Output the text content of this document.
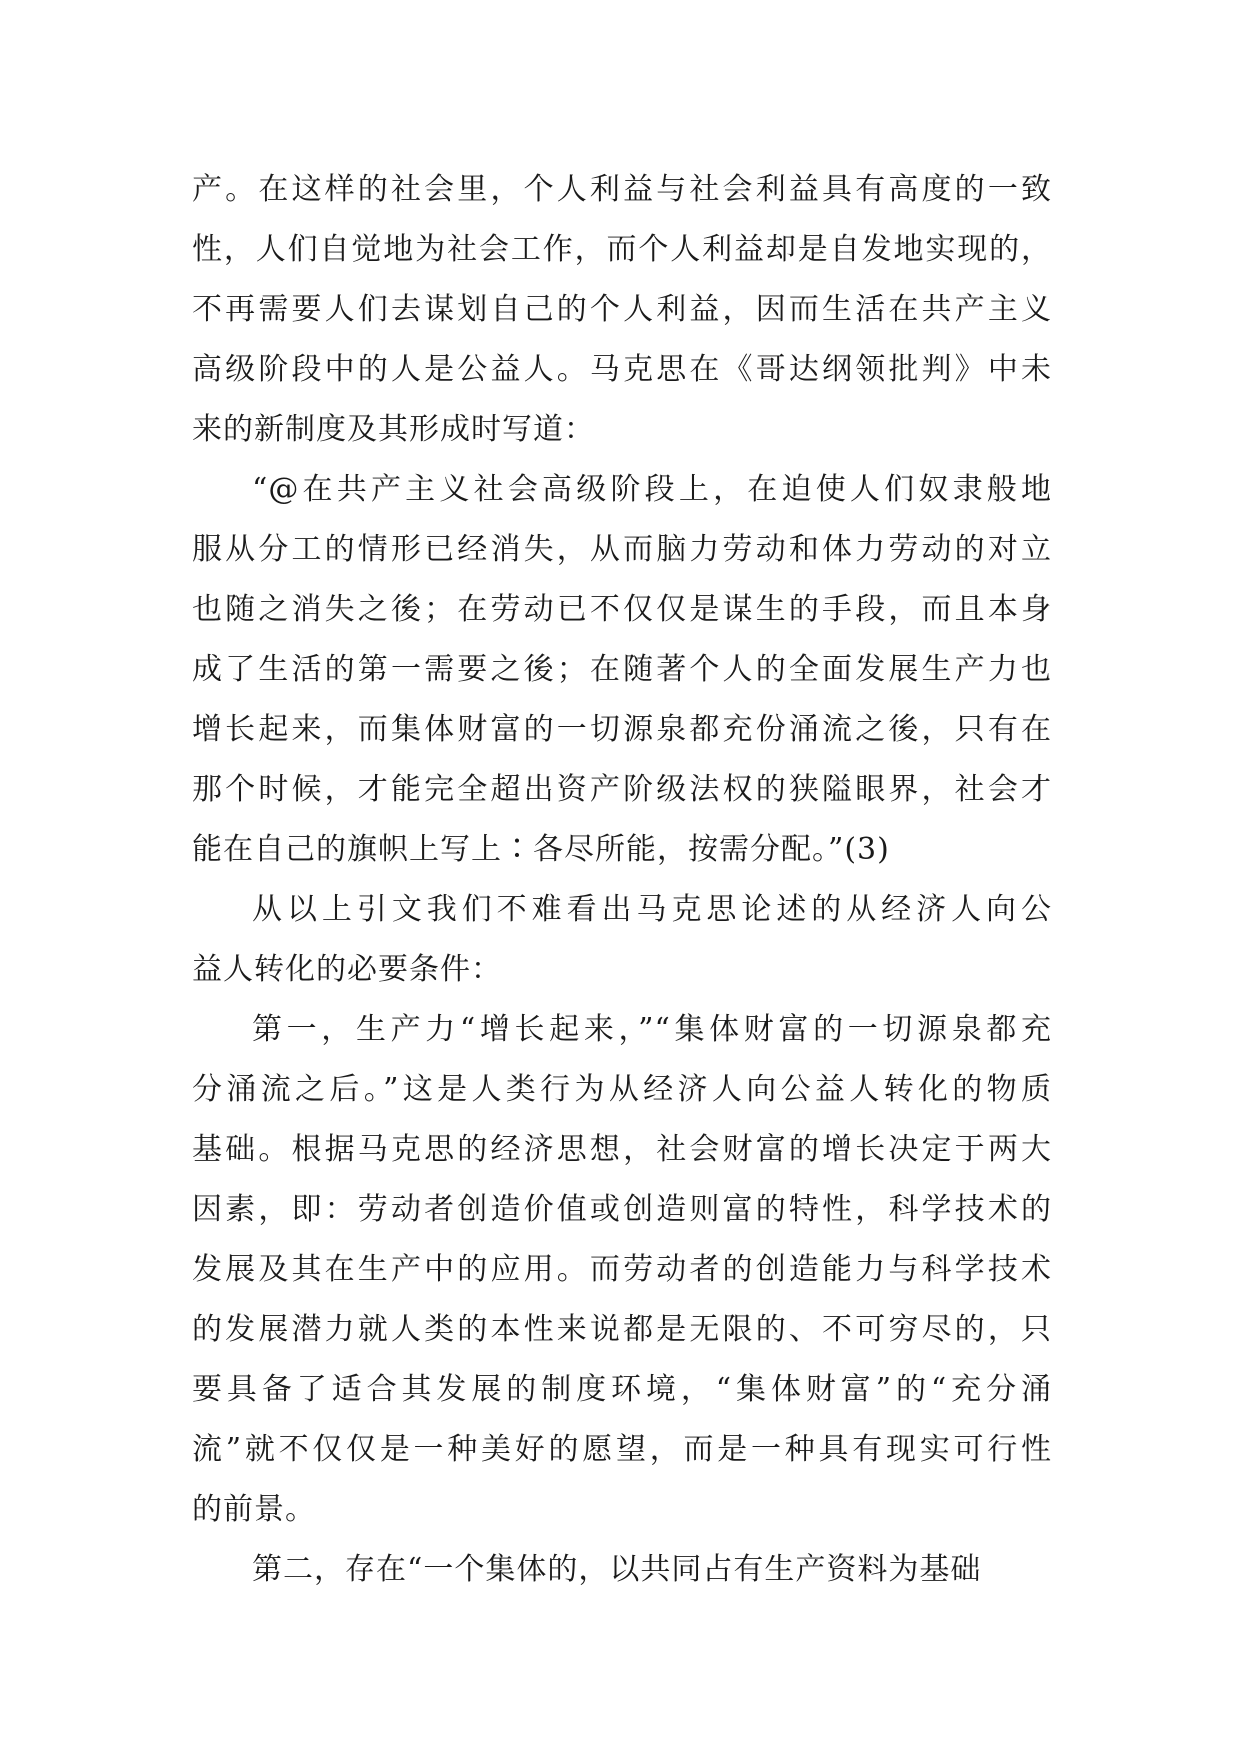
产。在这样的社会里，个人利益与社会利益具有高度的一致
性，人们自觉地为社会工作，而个人利益却是自发地实现的，
不再需要人们去谋划自己的个人利益，因而生活在共产主义
高级阶段中的人是公益人。马克思在《哥达纲领批判》中未
来的新制度及其形成时写道：
“@在共产主义社会高级阶段上，在迫使人们奴隶般地
服从分工的情形已经消失，从而脑力劳动和体力劳动的对立
也随之消失之後；在劳动已不仅仅是谋生的手段，而且本身
成了生活的第一需要之後；在随著个人的全面发展生产力也
增长起来，而集体财富的一切源泉都充份涌流之後，只有在
那个时候，才能完全超出资产阶级法权的狭隘眼界，社会才
能在自己的旗帜上写上∶各尽所能，按需分配。”(3)
从以上引文我们不难看出马克思论述的从经济人向公
益人转化的必要条件：
第一，生产力“增长起来，”“集体财富的一切源泉都充
分涌流之后。”这是人类行为从经济人向公益人转化的物质
基础。根据马克思的经济思想，社会财富的增长决定于两大
因素，即：劳动者创造价值或创造则富的特性，科学技术的
发展及其在生产中的应用。而劳动者的创造能力与科学技术
的发展潜力就人类的本性来说都是无限的、不可穷尽的，只
要具备了适合其发展的制度环境，“集体财富”的“充分涌
流”就不仅仅是一种美好的愿望，而是一种具有现实可行性
的前景。
第二，存在“一个集体的，以共同占有生产资料为基础
